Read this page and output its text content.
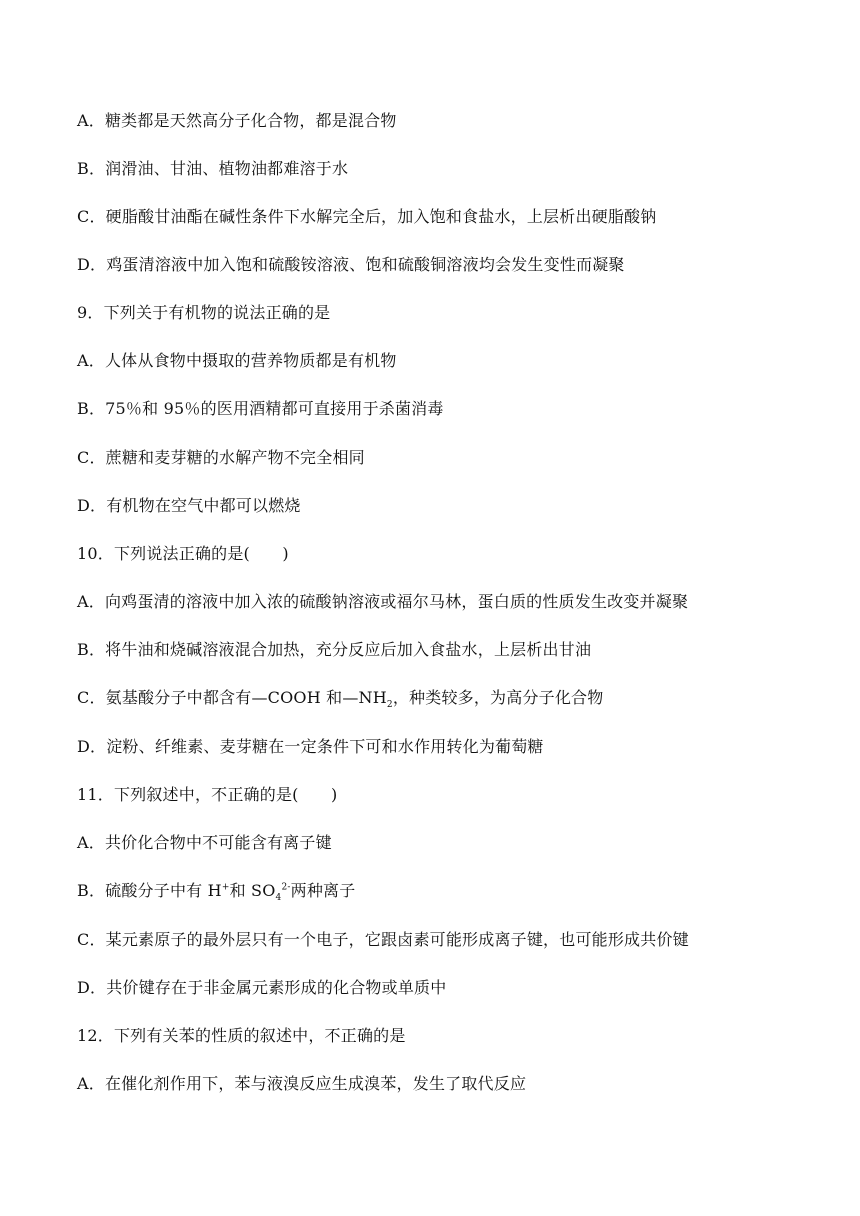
A．糖类都是天然高分子化合物，都是混合物
B．润滑油、甘油、植物油都难溶于水
C．硬脂酸甘油酯在碱性条件下水解完全后，加入饱和食盐水，上层析出硬脂酸钠
D．鸡蛋清溶液中加入饱和硫酸铵溶液、饱和硫酸铜溶液均会发生变性而凝聚
9．下列关于有机物的说法正确的是
A．人体从食物中摄取的营养物质都是有机物
B．75％和 95％的医用酒精都可直接用于杀菌消毒
C．蔗糖和麦芽糖的水解产物不完全相同
D．有机物在空气中都可以燃烧
10．下列说法正确的是(　　)
A．向鸡蛋清的溶液中加入浓的硫酸钠溶液或福尔马林，蛋白质的性质发生改变并凝聚
B．将牛油和烧碱溶液混合加热，充分反应后加入食盐水，上层析出甘油
C．氨基酸分子中都含有—COOH 和$—NH_2$，种类较多，为高分子化合物
D．淀粉、纤维素、麦芽糖在一定条件下可和水作用转化为葡萄糖
11．下列叙述中，不正确的是(　　)
A．共价化合物中不可能含有离子键
B．硫酸分子中有 H+和 $SO_4^{2-}$两种离子
C．某元素原子的最外层只有一个电子，它跟卤素可能形成离子键，也可能形成共价键
D．共价键存在于非金属元素形成的化合物或单质中
12．下列有关苯的性质的叙述中，不正确的是
A．在催化剂作用下，苯与液溴反应生成溴苯，发生了取代反应
